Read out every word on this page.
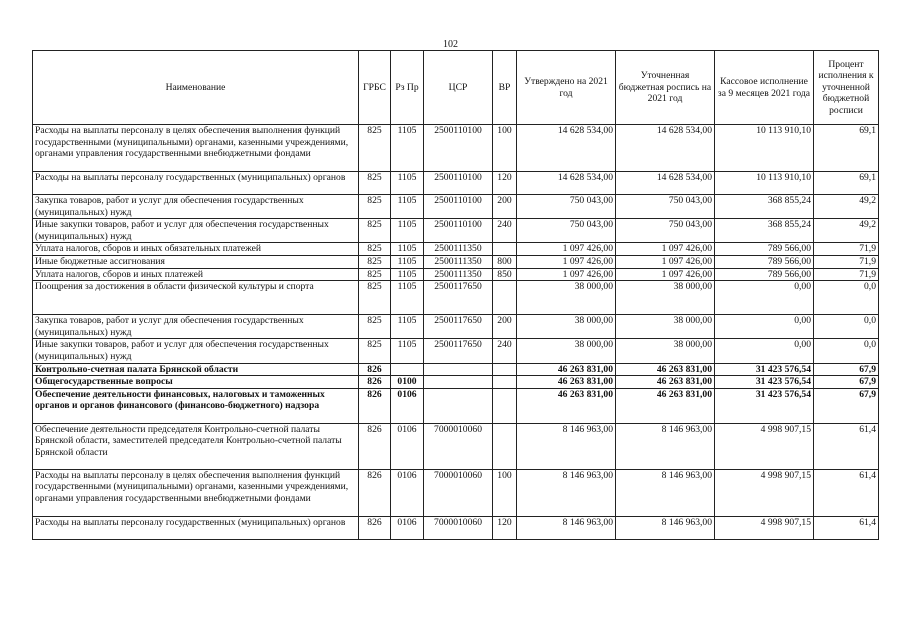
102
Наименование	ГРБС	Рз Пр	ЦСР	ВР	Утверждено на 2021 год	Уточненная бюджетная роспись на 2021 год	Кассовое исполнение за 9 месяцев 2021 года	Процент исполнения к уточненной бюджетной росписи
Расходы на выплаты персоналу в целях обеспечения выполнения функций государственными (муниципальными) органами, казенными учреждениями, органами управления государственными внебюджетными фондами	825	1105	2500110100	100	14 628 534,00	14 628 534,00	10 113 910,10	69,1
Расходы на выплаты персоналу государственных (муниципальных) органов	825	1105	2500110100	120	14 628 534,00	14 628 534,00	10 113 910,10	69,1
Закупка товаров, работ и услуг для обеспечения государственных (муниципальных) нужд	825	1105	2500110100	200	750 043,00	750 043,00	368 855,24	49,2
Иные закупки товаров, работ и услуг для обеспечения государственных (муниципальных) нужд	825	1105	2500110100	240	750 043,00	750 043,00	368 855,24	49,2
Уплата налогов, сборов и иных обязательных платежей	825	1105	2500111350		1 097 426,00	1 097 426,00	789 566,00	71,9
Иные бюджетные ассигнования	825	1105	2500111350	800	1 097 426,00	1 097 426,00	789 566,00	71,9
Уплата налогов, сборов и иных платежей	825	1105	2500111350	850	1 097 426,00	1 097 426,00	789 566,00	71,9
Поощрения за достижения в области физической культуры и спорта	825	1105	2500117650		38 000,00	38 000,00	0,00	0,0
Закупка товаров, работ и услуг для обеспечения государственных (муниципальных) нужд	825	1105	2500117650	200	38 000,00	38 000,00	0,00	0,0
Иные закупки товаров, работ и услуг для обеспечения государственных (муниципальных) нужд	825	1105	2500117650	240	38 000,00	38 000,00	0,00	0,0
Контрольно-счетная палата Брянской области	826				46 263 831,00	46 263 831,00	31 423 576,54	67,9
Общегосударственные вопросы	826	0100			46 263 831,00	46 263 831,00	31 423 576,54	67,9
Обеспечение деятельности финансовых, налоговых и таможенных органов и органов финансового (финансово-бюджетного) надзора	826	0106			46 263 831,00	46 263 831,00	31 423 576,54	67,9
Обеспечение деятельности председателя Контрольно-счетной палаты Брянской области, заместителей председателя Контрольно-счетной палаты Брянской области	826	0106	7000010060		8 146 963,00	8 146 963,00	4 998 907,15	61,4
Расходы на выплаты персоналу в целях обеспечения выполнения функций государственными (муниципальными) органами, казенными учреждениями, органами управления государственными внебюджетными фондами	826	0106	7000010060	100	8 146 963,00	8 146 963,00	4 998 907,15	61,4
Расходы на выплаты персоналу государственных (муниципальных) органов	826	0106	7000010060	120	8 146 963,00	8 146 963,00	4 998 907,15	61,4
